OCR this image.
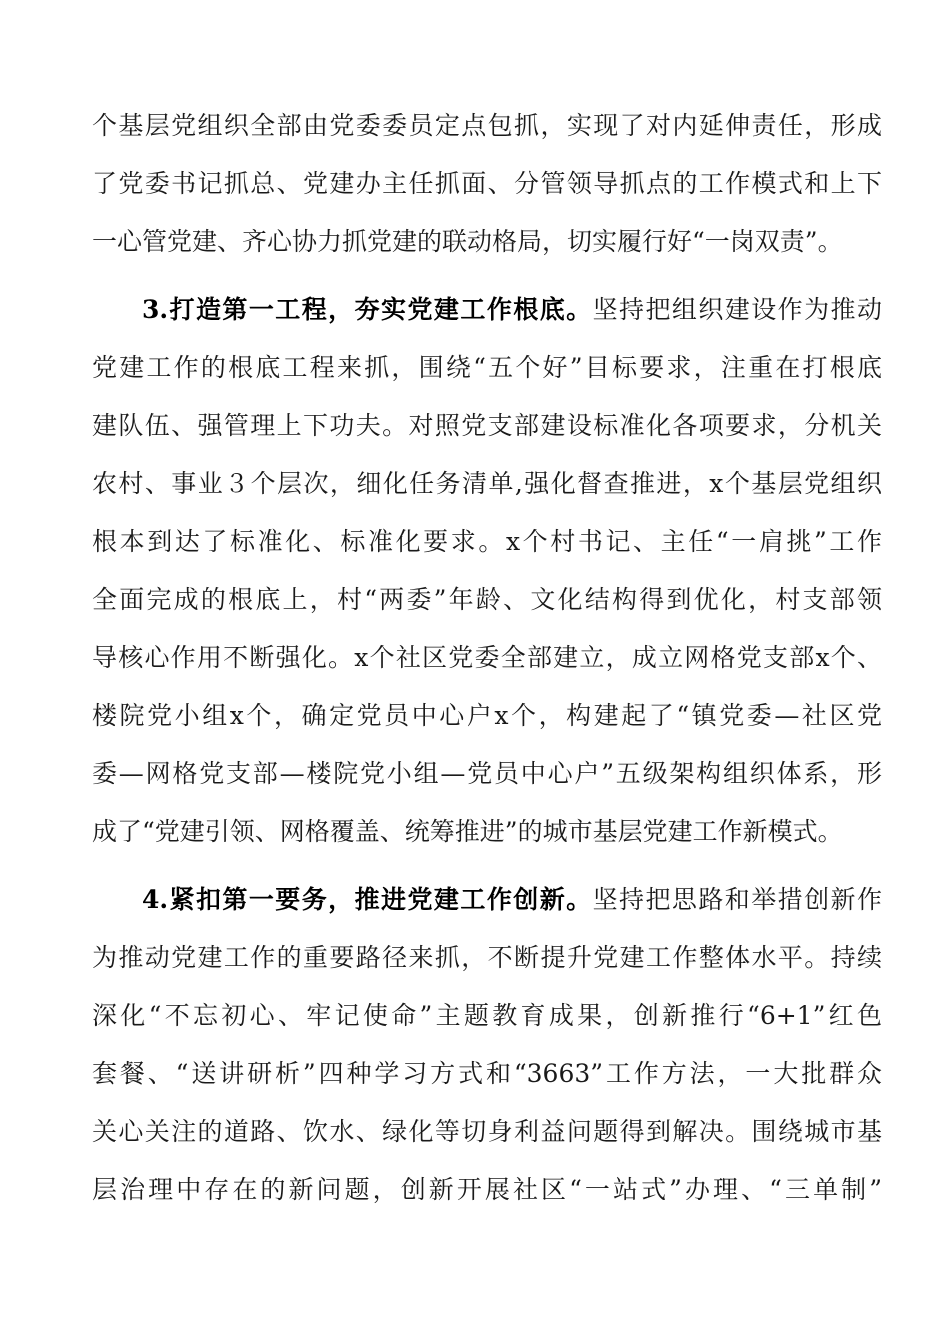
个基层党组织全部由党委委员定点包抓，实现了对内延伸责任，形成
了党委书记抓总、党建办主任抓面、分管领导抓点的工作模式和上下
一心管党建、齐心协力抓党建的联动格局，切实履行好“一岗双责”。
3.打造第一工程，夯实党建工作根底。坚持把组织建设作为推动
党建工作的根底工程来抓，围绕“五个好”目标要求，注重在打根底
建队伍、强管理上下功夫。对照党支部建设标准化各项要求，分机关
农村、事业３个层次，细化任务清单,强化督查推进，x个基层党组织
根本到达了标准化、标准化要求。x个村书记、主任“一肩挑”工作
全面完成的根底上，村“两委”年龄、文化结构得到优化，村支部领
导核心作用不断强化。x个社区党委全部建立，成立网格党支部x个、
楼院党小组x个，确定党员中心户x个，构建起了“镇党委—社区党
委—网格党支部—楼院党小组—党员中心户”五级架构组织体系，形
成了“党建引领、网格覆盖、统筹推进”的城市基层党建工作新模式。
4.紧扣第一要务，推进党建工作创新。坚持把思路和举措创新作
为推动党建工作的重要路径来抓，不断提升党建工作整体水平。持续
深化“不忘初心、牢记使命”主题教育成果，创新推行“6+1”红色
套餐、“送讲研析”四种学习方式和“3663”工作方法，一大批群众
关心关注的道路、饮水、绿化等切身利益问题得到解决。围绕城市基
层治理中存在的新问题，创新开展社区“一站式”办理、“三单制”
